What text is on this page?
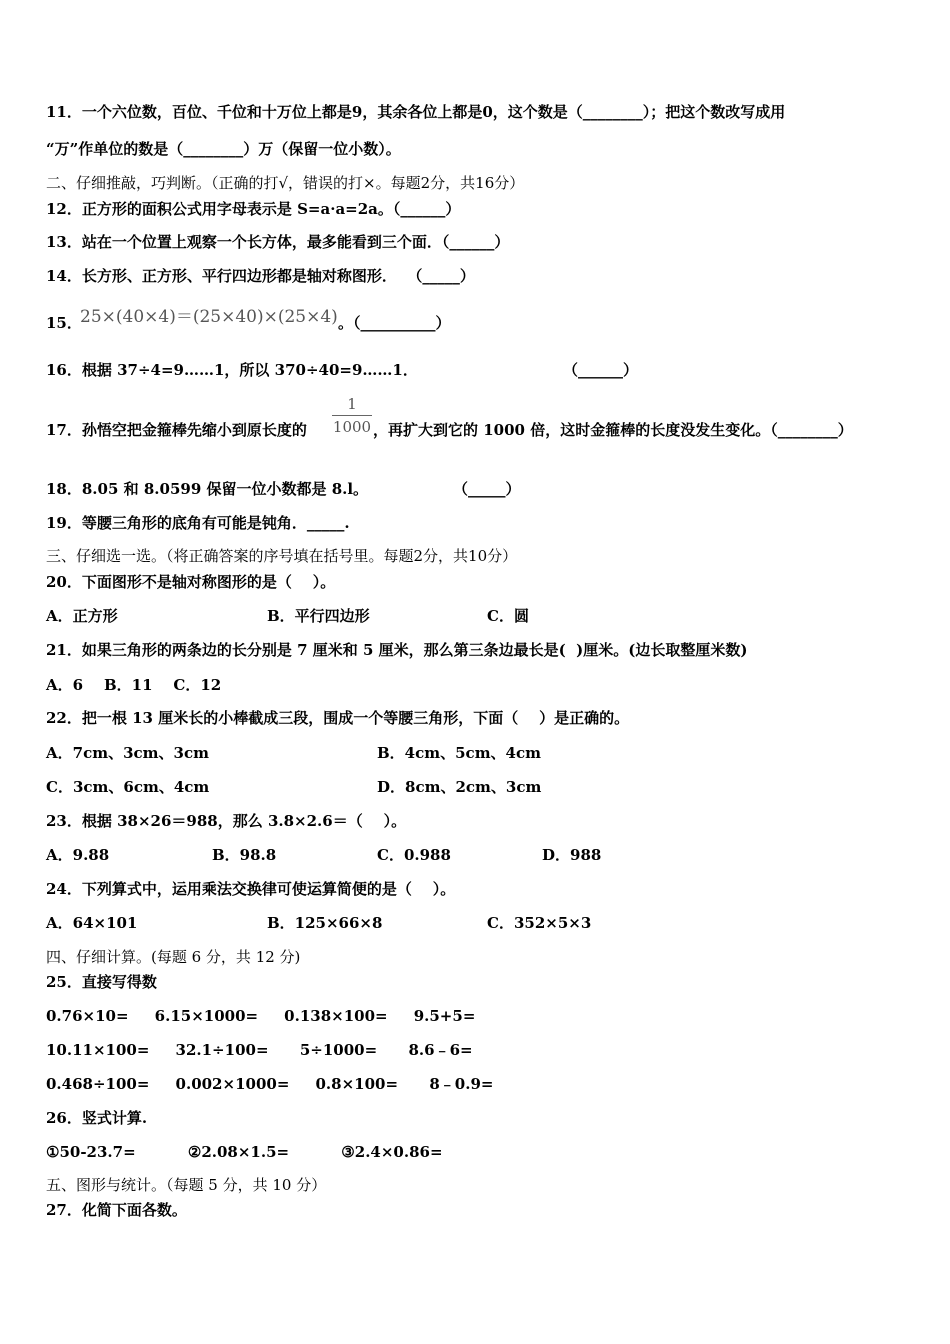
11．一个六位数，百位、千位和十万位上都是9，其余各位上都是0，这个数是（________）；把这个数改写成用
“万”作单位的数是（________）万（保留一位小数）。
二、仔细推敲，巧判断。（正确的打√，错误的打×。每题2分，共16分）
12．正方形的面积公式用字母表示是 S=a·a=2a。（______）
13．站在一个位置上观察一个长方体，最多能看到三个面．（______）
14．长方形、正方形、平行四边形都是轴对称图形．  （_____）
15．
25×(40×4)＝(25×40)×(25×4) 。（__________）
16．根据 37÷4=9……1，所以 370÷40=9……1．	（______）
17．孙悟空把金箍棒先缩小到原长度的
1
1000 ，再扩大到它的 1000 倍，这时金箍棒的长度没发生变化。（________）
18．8.05 和 8.0599 保留一位小数都是 8.l。	（_____）
19．等腰三角形的底角有可能是钝角．_____.
三、仔细选一选。（将正确答案的序号填在括号里。每题2分，共10分）
20．下面图形不是轴对称图形的是（    ）。
A．正方形	B．平行四边形	C．圆
21．如果三角形的两条边的长分别是 7 厘米和 5 厘米，那么第三条边最长是(  )厘米。(边长取整厘米数)
A．6    B．11    C．12
22．把一根 13 厘米长的小棒截成三段，围成一个等腰三角形，下面（    ）是正确的。
A．7cm、3cm、3cm	B．4cm、5cm、4cm
C．3cm、6cm、4cm	D．8cm、2cm、3cm
23．根据 38×26＝988，那么 3.8×2.6＝（    ）。
A．9.88	B．98.8	C．0.988	D．988
24．下列算式中，运用乘法交换律可使运算简便的是（    ）。
A．64×101	B．125×66×8	C．352×5×3
四、仔细计算。(每题 6 分，共 12 分)
25．直接写得数
0.76×10=     6.15×1000=     0.138×100=     9.5+5=
10.11×100=     32.1÷100=      5÷1000=      8.6﹣6=
0.468÷100=     0.002×1000=     0.8×100=      8﹣0.9=
26．竖式计算.
①50-23.7=          ②2.08×1.5=          ③2.4×0.86=
五、图形与统计。（每题 5 分，共 10 分）
27．化简下面各数。
